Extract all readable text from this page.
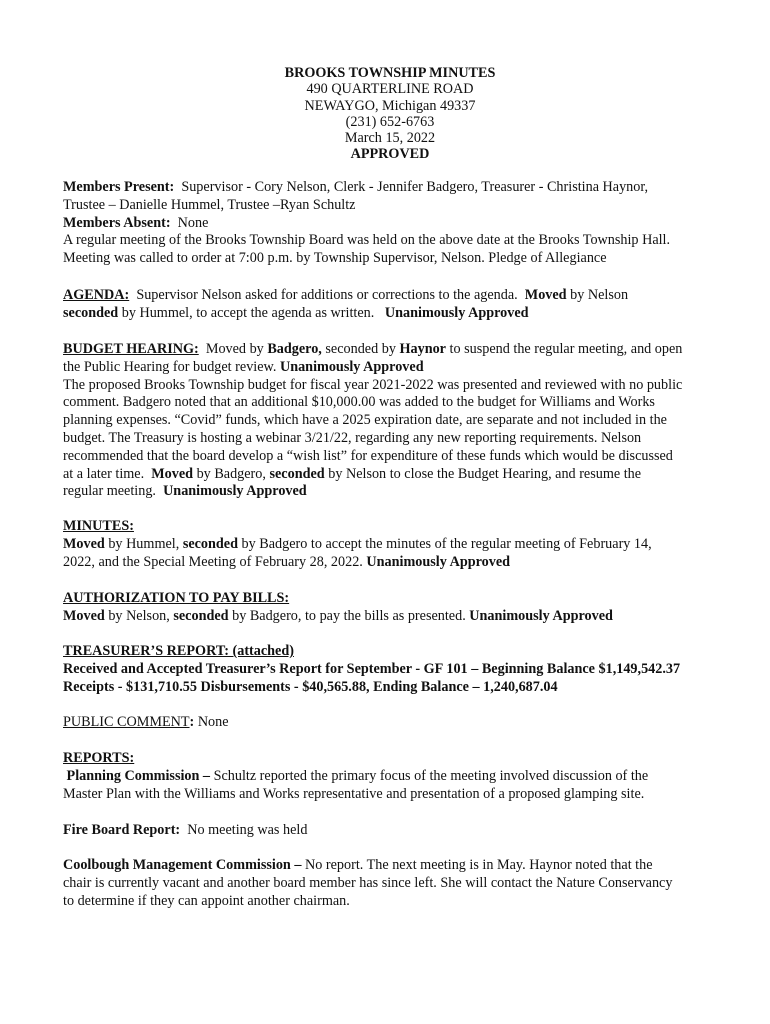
BROOKS TOWNSHIP MINUTES
490 QUARTERLINE ROAD
NEWAYGO, Michigan 49337
(231) 652-6763
March 15, 2022
APPROVED
Members Present: Supervisor - Cory Nelson, Clerk - Jennifer Badgero, Treasurer - Christina Haynor,
Trustee – Danielle Hummel, Trustee –Ryan Schultz
Members Absent: None
A regular meeting of the Brooks Township Board was held on the above date at the Brooks Township Hall.
Meeting was called to order at 7:00 p.m. by Township Supervisor, Nelson. Pledge of Allegiance
AGENDA: Supervisor Nelson asked for additions or corrections to the agenda. Moved by Nelson
seconded by Hummel, to accept the agenda as written. Unanimously Approved
BUDGET HEARING: Moved by Badgero, seconded by Haynor to suspend the regular meeting, and open
the Public Hearing for budget review. Unanimously Approved
The proposed Brooks Township budget for fiscal year 2021-2022 was presented and reviewed with no public
comment. Badgero noted that an additional $10,000.00 was added to the budget for Williams and Works
planning expenses. “Covid” funds, which have a 2025 expiration date, are separate and not included in the
budget. The Treasury is hosting a webinar 3/21/22, regarding any new reporting requirements. Nelson
recommended that the board develop a “wish list” for expenditure of these funds which would be discussed
at a later time. Moved by Badgero, seconded by Nelson to close the Budget Hearing, and resume the
regular meeting. Unanimously Approved
MINUTES:
Moved by Hummel, seconded by Badgero to accept the minutes of the regular meeting of February 14,
2022, and the Special Meeting of February 28, 2022. Unanimously Approved
AUTHORIZATION TO PAY BILLS:
Moved by Nelson, seconded by Badgero, to pay the bills as presented. Unanimously Approved
TREASURER’S REPORT: (attached)
Received and Accepted Treasurer’s Report for September - GF 101 – Beginning Balance $1,149,542.37
Receipts - $131,710.55 Disbursements - $40,565.88, Ending Balance – 1,240,687.04
PUBLIC COMMENT: None
REPORTS:
Planning Commission – Schultz reported the primary focus of the meeting involved discussion of the
Master Plan with the Williams and Works representative and presentation of a proposed glamping site.
Fire Board Report: No meeting was held
Coolbough Management Commission – No report. The next meeting is in May. Haynor noted that the
chair is currently vacant and another board member has since left. She will contact the Nature Conservancy
to determine if they can appoint another chairman.
